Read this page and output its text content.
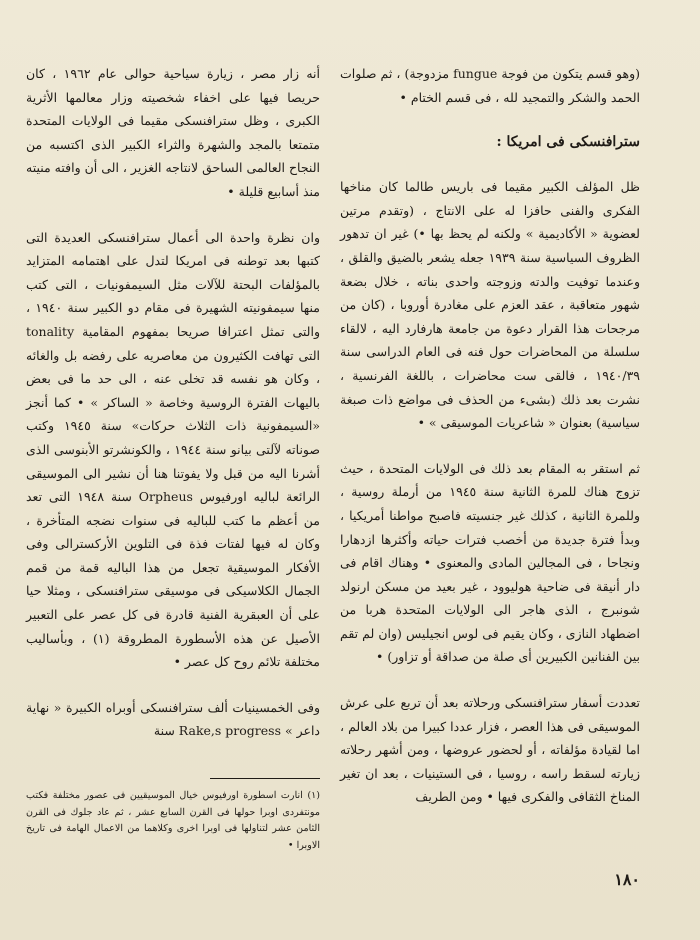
(وهو قسم يتكون من فوجة fungue مزدوجة) ، ثم صلوات الحمد والشكر والتمجيد لله ، فى قسم الختام •

سترافنسكى فى امريكا :

ظل المؤلف الكبير مقيما فى باريس طالما كان مناخها الفكرى والفنى حافزا له على الانتاج ، (وتقدم مرتين لعضوية « الأكاديمية » ولكنه لم يحظ بها •) غير ان تدهور الظروف السياسية سنة ١٩٣٩ جعله يشعر بالضيق والقلق ، وعندما توفيت والدته وزوجته واحدى بناته ، خلال بضعة شهور متعاقبة ، عقد العزم على مغادرة أوروبا ، (كان من مرجحات هذا القرار دعوة من جامعة هارفارد اليه ، لالقاء سلسلة من المحاضرات حول فنه فى العام الدراسى سنة ١٩٤٠/٣٩ ، فالقى ست محاضرات ، باللغة الفرنسية ، نشرت بعد ذلك (بشىء من الحذف فى مواضع ذات صبغة سياسية) بعنوان « شاعريات الموسيقى » •

ثم استقر به المقام بعد ذلك فى الولايات المتحدة ، حيث تزوج هناك للمرة الثانية سنة ١٩٤٥ من أرملة روسية ، وللمرة الثانية ، كذلك غير جنسيته فاصبح مواطنا أمريكيا ، وبدأ فترة جديدة من أخصب فترات حياته وأكثرها ازدهارا ونجاحا ، فى المجالين المادى والمعنوى • وهناك اقام فى دار أنيقة فى ضاحية هوليوود ، غير بعيد من مسكن ارنولد شونبرج ، الذى هاجر الى الولايات المتحدة هربا من اضطهاد النازى ، وكان يقيم فى لوس انجيليس (وان لم تقم بين الفنانين الكبيرين أى صلة من صداقة أو تزاور) •

تعددت أسفار سترافنسكى ورحلاته بعد أن تربع على عرش الموسيقى فى هذا العصر ، فزار عددا كبيرا من بلاد العالم ، اما لقيادة مؤلفاته ، أو لحضور عروضها ، ومن أشهر رحلاته زيارته لسقط راسه ، روسيا ، فى الستينيات ، بعد ان تغير المناخ الثقافى والفكرى فيها • ومن الطريف

أنه زار مصر ، زيارة سياحية حوالى عام ١٩٦٢ ، كان حريصا فيها على اخفاء شخصيته وزار معالمها الأثرية الكبرى ، وظل سترافنسكى مقيما فى الولايات المتحدة متمتعا بالمجد والشهرة والثراء الكبير الذى اكتسبه من النجاح العالمى الساحق لانتاجه الغزير ، الى أن وافته منيته منذ أسابيع قليلة •

وان نظرة واحدة الى أعمال سترافنسكى العديدة التى كتبها بعد توطنه فى امريكا لتدل على اهتمامه المتزايد بالمؤلفات البحتة للآلات مثل السيمفونيات ، التى كتب منها سيمفونيته الشهيرة فى مقام دو الكبير سنة ١٩٤٠ ، والتى تمثل اعترافا صريحا بمفهوم المقامية tonality التى تهافت الكثيرون من معاصريه على رفضه بل والغائه ، وكان هو نفسه قد تخلى عنه ، الى حد ما فى بعض باليهات الفترة الروسية وخاصة « الساكر » • كما أنجز «السيمفونية ذات الثلاث حركات» سنة ١٩٤٥ وكتب صوناته لآلتى بيانو سنة ١٩٤٤ ، والكونشرتو الأبنوسى الذى أشرنا اليه من قبل ولا يفوتنا هنا أن نشير الى الموسيقى الرائعة لباليه اورفيوس Orpheus سنة ١٩٤٨ التى تعد من أعظم ما كتب للباليه فى سنوات نضجه المتأخرة ، وكان له فيها لفتات فذة فى التلوين الأركسترالى وفى الأفكار الموسيقية تجعل من هذا الباليه قمة من قمم الجمال الكلاسيكى فى موسيقى سترافنسكى ، ومثلا حيا على أن العبقرية الفنية قادرة فى كل عصر على التعبير الأصيل عن هذه الأسطورة المطروقة (١) ، وبأساليب مختلفة تلائم روح كل عصر •

وفى الخمسينيات ألف سترافنسكى أوبراه الكبيرة « نهاية داعر » Rake,s progress سنة

(١) انارت اسطورة اورفيوس خيال الموسيقيين فى عصور مختلفة فكتب مونتفردى اوبرا حولها فى القرن السابع عشر ، ثم عاد جلوك فى القرن الثامن عشر لتناولها فى اوبرا اخرى وكلاهما من الاعمال الهامة فى تاريخ الاوبرا •
١٨٠
